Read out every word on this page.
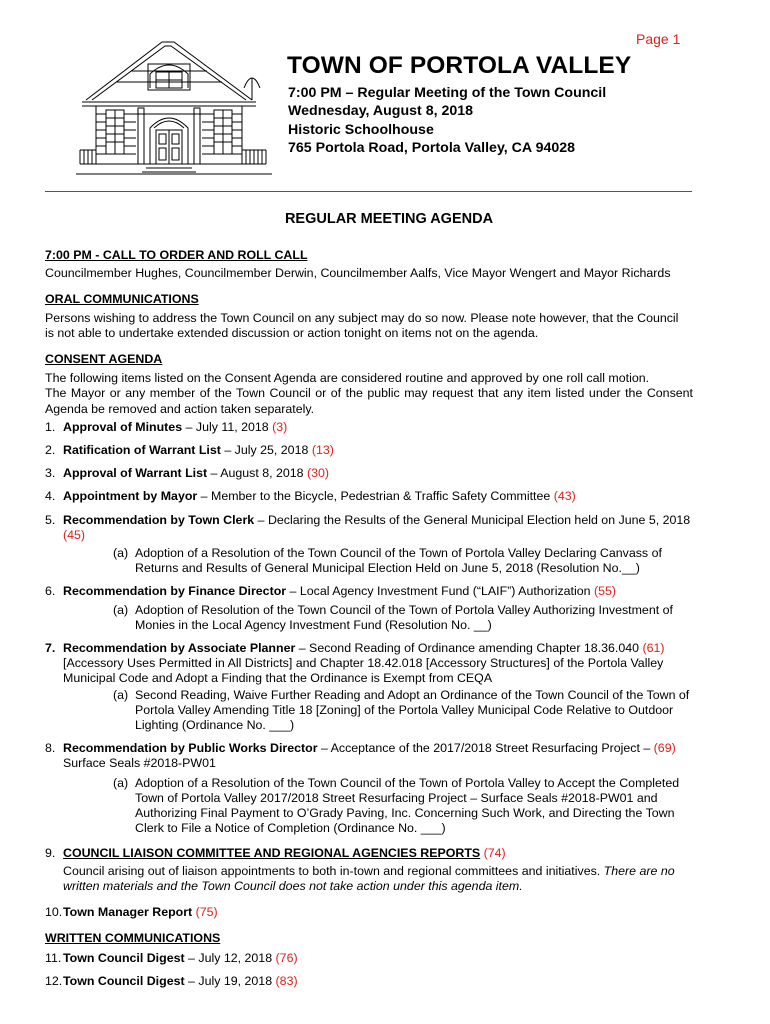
Page 1
TOWN OF PORTOLA VALLEY
7:00 PM – Regular Meeting of the Town Council
Wednesday, August 8, 2018
Historic Schoolhouse
765 Portola Road, Portola Valley, CA 94028
REGULAR MEETING AGENDA
7:00 PM - CALL TO ORDER AND ROLL CALL
Councilmember Hughes, Councilmember Derwin, Councilmember Aalfs, Vice Mayor Wengert and Mayor Richards
ORAL COMMUNICATIONS
Persons wishing to address the Town Council on any subject may do so now. Please note however, that the Council
is not able to undertake extended discussion or action tonight on items not on the agenda.
CONSENT AGENDA
The following items listed on the Consent Agenda are considered routine and approved by one roll call motion.
The Mayor or any member of the Town Council or of the public may request that any item listed under the Consent Agenda be removed and action taken separately.
1. Approval of Minutes – July 11, 2018 (3)
2. Ratification of Warrant List – July 25, 2018 (13)
3. Approval of Warrant List – August 8, 2018 (30)
4. Appointment by Mayor – Member to the Bicycle, Pedestrian & Traffic Safety Committee (43)
5. Recommendation by Town Clerk – Declaring the Results of the General Municipal Election held on June 5, 2018 (45)
(a) Adoption of a Resolution of the Town Council of the Town of Portola Valley Declaring Canvass of Returns and Results of General Municipal Election Held on June 5, 2018 (Resolution No.__)
6. Recommendation by Finance Director – Local Agency Investment Fund (“LAIF”) Authorization (55)
(a) Adoption of Resolution of the Town Council of the Town of Portola Valley Authorizing Investment of Monies in the Local Agency Investment Fund (Resolution No. __)
7. Recommendation by Associate Planner – Second Reading of Ordinance amending Chapter 18.36.040 (61)
[Accessory Uses Permitted in All Districts] and Chapter 18.42.018 [Accessory Structures] of the Portola Valley Municipal Code and Adopt a Finding that the Ordinance is Exempt from CEQA
(a) Second Reading, Waive Further Reading and Adopt an Ordinance of the Town Council of the Town of Portola Valley Amending Title 18 [Zoning] of the Portola Valley Municipal Code Relative to Outdoor Lighting (Ordinance No. ___)
8. Recommendation by Public Works Director – Acceptance of the 2017/2018 Street Resurfacing Project – (69)
Surface Seals #2018-PW01
(a) Adoption of a Resolution of the Town Council of the Town of Portola Valley to Accept the Completed Town of Portola Valley 2017/2018 Street Resurfacing Project – Surface Seals #2018-PW01 and Authorizing Final Payment to O’Grady Paving, Inc. Concerning Such Work, and Directing the Town Clerk to File a Notice of Completion (Ordinance No. ___)
9. COUNCIL LIAISON COMMITTEE AND REGIONAL AGENCIES REPORTS (74)
Council arising out of liaison appointments to both in-town and regional committees and initiatives. There are no written materials and the Town Council does not take action under this agenda item.
10. Town Manager Report (75)
WRITTEN COMMUNICATIONS
11. Town Council Digest – July 12, 2018 (76)
12. Town Council Digest – July 19, 2018 (83)
